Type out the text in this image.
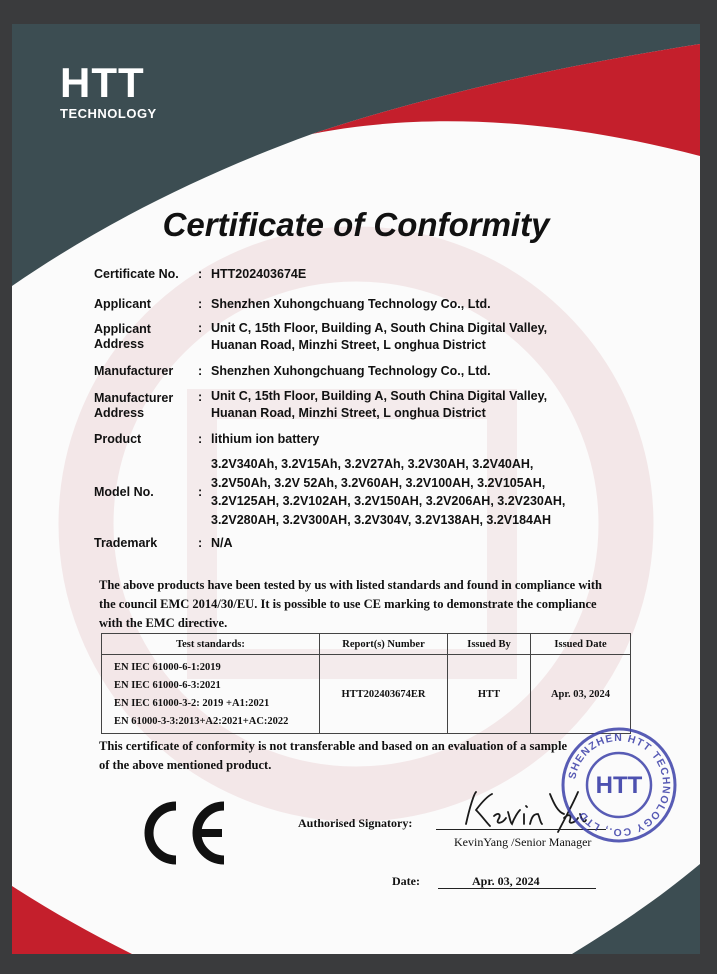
HTT
TECHNOLOGY
Certificate of Conformity
Certificate No. : HTT202403674E
Applicant	: Shenzhen Xuhongchuang Technology Co., Ltd.
Applicant
Address
: Unit C, 15th Floor, Building A, South China Digital Valley,
Huanan Road, Minzhi Street, L onghua District
Manufacturer : Shenzhen Xuhongchuang Technology Co., Ltd.
Manufacturer
Address
: Unit C, 15th Floor, Building A, South China Digital Valley,
Huanan Road, Minzhi Street, L onghua District
Product	: lithium ion battery
Model No.	:
3.2V340Ah, 3.2V15Ah, 3.2V27Ah, 3.2V30AH, 3.2V40AH,
3.2V50Ah, 3.2V 52Ah, 3.2V60AH, 3.2V100AH, 3.2V105AH,
3.2V125AH, 3.2V102AH, 3.2V150AH, 3.2V206AH, 3.2V230AH,
3.2V280AH, 3.2V300AH, 3.2V304V, 3.2V138AH, 3.2V184AH
Trademark	: N/A
The above products have been tested by us with listed standards and found in compliance with
the council EMC 2014/30/EU. It is possible to use CE marking to demonstrate the compliance
with the EMC directive.
Test standards:	Report(s) Number	Issued By	Issued Date

EN IEC 61000-6-1:2019
EN IEC 61000-6-3:2021
EN IEC 61000-3-2: 2019 +A1:2021
EN 61000-3-3:2013+A2:2021+AC:2022	HTT202403674ER	HTT	Apr. 03, 2024
This certificate of conformity is not transferable and based on an evaluation of a sample
of the above mentioned product.
Authorised Signatory:
KevinYang /Senior Manager
Date:	Apr. 03, 2024
SHENZHEN HTT TECHNOLOGY CO., LTD
HTT
